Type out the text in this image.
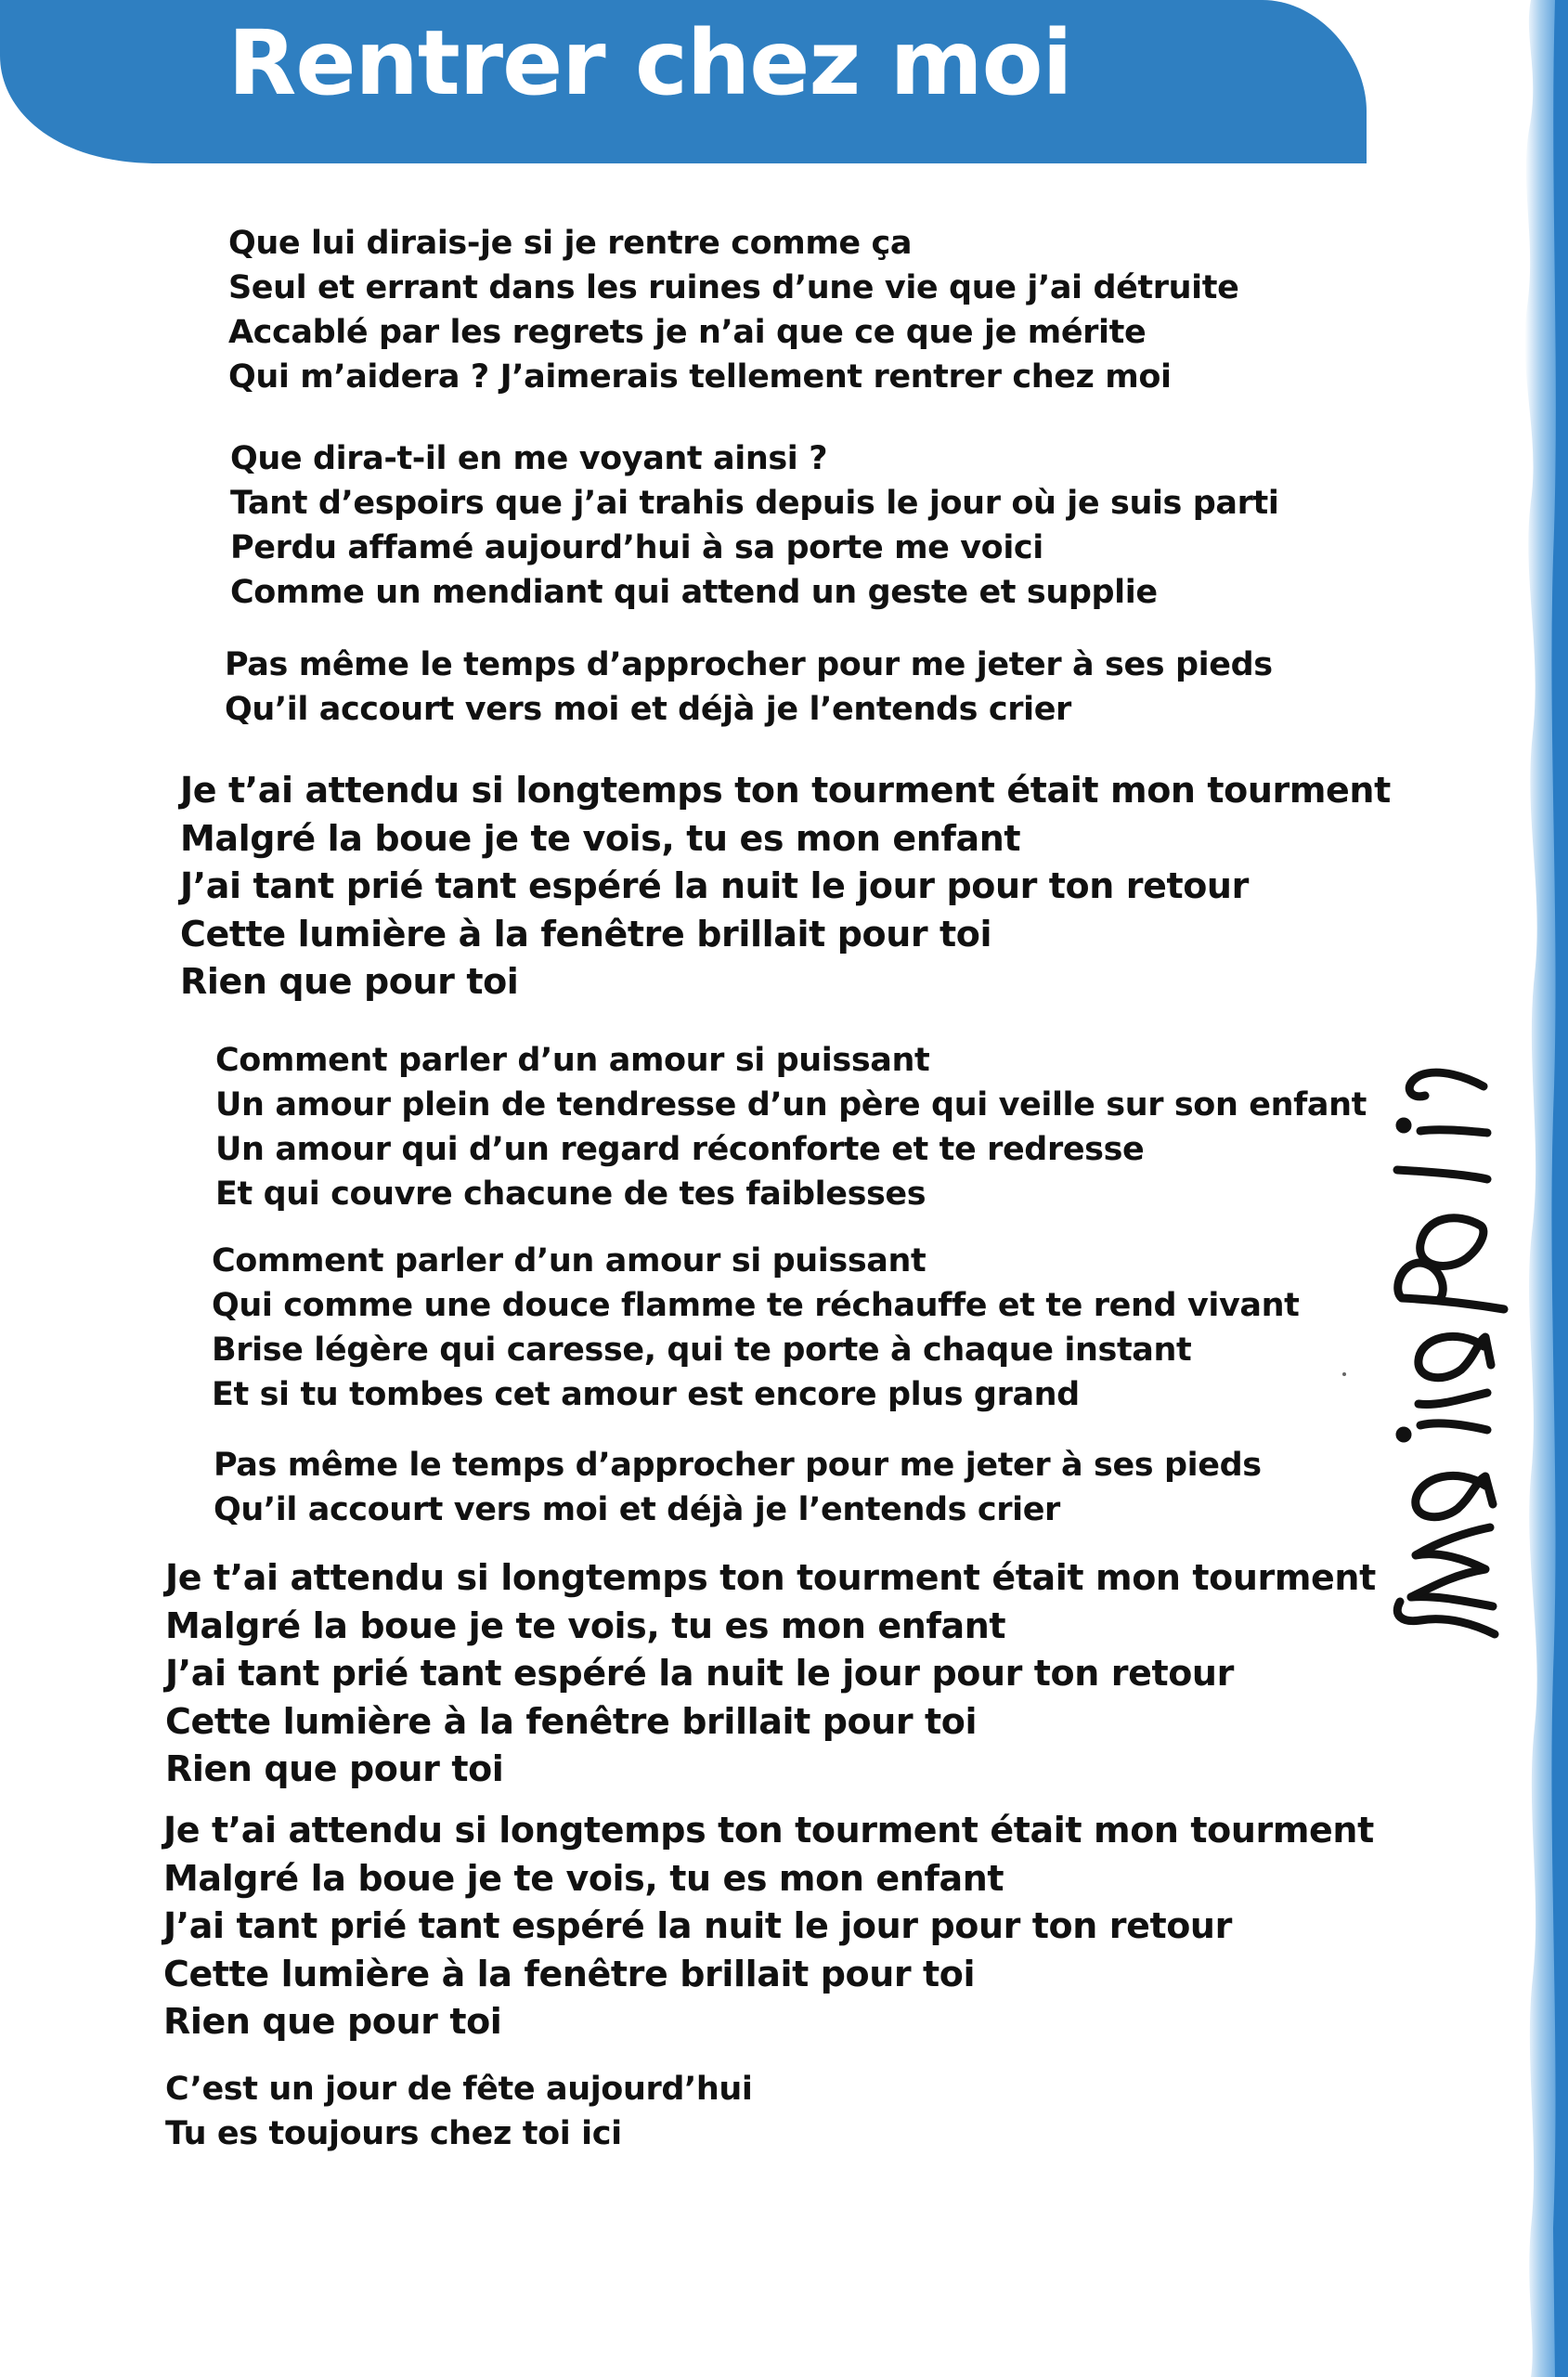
Rentrer chez moi
Que lui dirais-je si je rentre comme ça
Seul et errant dans les ruines d’une vie que j’ai détruite
Accablé par les regrets je n’ai que ce que je mérite
Qui m’aidera ? J’aimerais tellement rentrer chez moi
Que dira-t-il en me voyant ainsi ?
Tant d’espoirs que j’ai trahis depuis le jour où je suis parti
Perdu affamé aujourd’hui à sa porte me voici
Comme un mendiant qui attend un geste et supplie
Pas même le temps d’approcher pour me jeter à ses pieds
Qu’il accourt vers moi et déjà je l’entends crier
Je t’ai attendu si longtemps ton tourment était mon tourment
Malgré la boue je te vois, tu es mon enfant
J’ai tant prié tant espéré la nuit le jour pour ton retour
Cette lumière à la fenêtre brillait pour toi
Rien que pour toi
Comment parler d’un amour si puissant
Un amour plein de tendresse d’un père qui veille sur son enfant
Un amour qui d’un regard réconforte et te redresse
Et qui couvre chacune de tes faiblesses
Comment parler d’un amour si puissant
Qui comme une douce flamme te réchauffe et te rend vivant
Brise légère qui caresse, qui te porte à chaque instant
Et si tu tombes cet amour est encore plus grand
Pas même le temps d’approcher pour me jeter à ses pieds
Qu’il accourt vers moi et déjà je l’entends crier
Je t’ai attendu si longtemps ton tourment était mon tourment
Malgré la boue je te vois, tu es mon enfant
J’ai tant prié tant espéré la nuit le jour pour ton retour
Cette lumière à la fenêtre brillait pour toi
Rien que pour toi
Je t’ai attendu si longtemps ton tourment était mon tourment
Malgré la boue je te vois, tu es mon enfant
J’ai tant prié tant espéré la nuit le jour pour ton retour
Cette lumière à la fenêtre brillait pour toi
Rien que pour toi
C’est un jour de fête aujourd’hui
Tu es toujours chez toi ici
